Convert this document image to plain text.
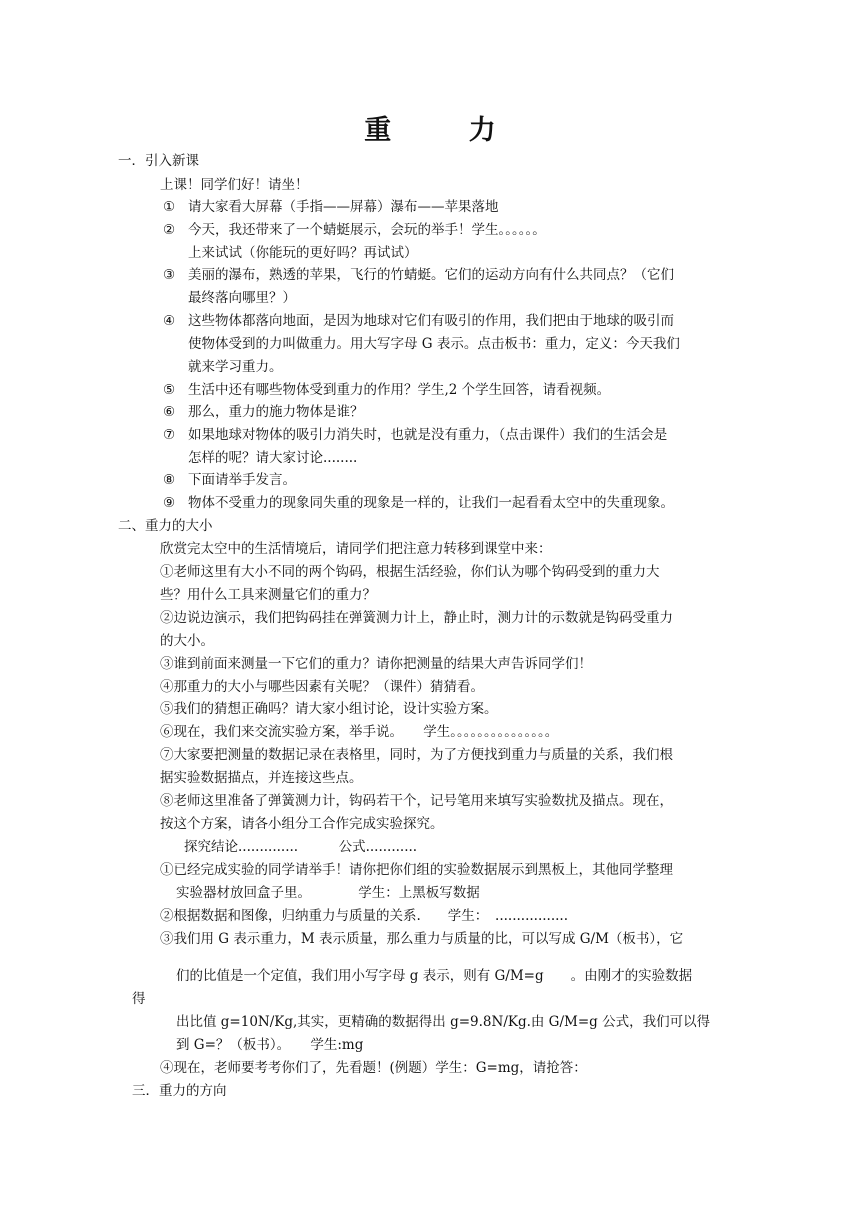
重 力
一．引入新课
上课！同学们好！请坐！
① 请大家看大屏幕（手指——屏幕）瀑布——苹果落地
② 今天，我还带来了一个蜻蜓展示，会玩的举手！学生。。。。。。
上来试试（你能玩的更好吗？再试试）
③ 美丽的瀑布，熟透的苹果，飞行的竹蜻蜓。它们的运动方向有什么共同点？（它们
最终落向哪里？）
④ 这些物体都落向地面，是因为地球对它们有吸引的作用，我们把由于地球的吸引而
使物体受到的力叫做重力。用大写字母 G 表示。点击板书：重力，定义：今天我们
就来学习重力。
⑤ 生活中还有哪些物体受到重力的作用？学生,2 个学生回答，请看视频。
⑥ 那么，重力的施力物体是谁？
⑦ 如果地球对物体的吸引力消失时，也就是没有重力，（点击课件）我们的生活会是
怎样的呢？请大家讨论........
⑧ 下面请举手发言。
⑨ 物体不受重力的现象同失重的现象是一样的，让我们一起看看太空中的失重现象。
二、重力的大小
欣赏完太空中的生活情境后，请同学们把注意力转移到课堂中来：
①老师这里有大小不同的两个钩码，根据生活经验，你们认为哪个钩码受到的重力大
些？用什么工具来测量它们的重力？
②边说边演示，我们把钩码挂在弹簧测力计上，静止时，测力计的示数就是钩码受重力
的大小。
③谁到前面来测量一下它们的重力？请你把测量的结果大声告诉同学们！
④那重力的大小与哪些因素有关呢？（课件）猜猜看。
⑤我们的猜想正确吗？请大家小组讨论，设计实验方案。
⑥现在，我们来交流实验方案，举手说。　　学生。。。。。。。。。。。。。。。
⑦大家要把测量的数据记录在表格里，同时，为了方便找到重力与质量的关系，我们根
据实验数据描点，并连接这些点。
⑧老师这里准备了弹簧测力计，钩码若干个，记号笔用来填写实验数扰及描点。现在，
按这个方案，请各小组分工合作完成实验探究。
探究结论..............　　　公式............
①已经完成实验的同学请举手！请你把你们组的实验数据展示到黑板上，其他同学整理
实验器材放回盒子里。　　　　学生：上黑板写数据
②根据数据和图像，归纳重力与质量的关系.　　学生：　.................
③我们用 G 表示重力，M 表示质量，那么重力与质量的比，可以写成 G/M（板书），它
们的比值是一个定值，我们用小写字母 g 表示，则有 G/M=g　　。由刚才的实验数据
得
出比值 g=10N/Kg,其实，更精确的数据得出 g=9.8N/Kg.由 G/M=g 公式，我们可以得
到 G=？（板书）。　　学生:mg
④现在，老师要考考你们了，先看题！(例题）学生：G=mg，请抢答：
三．重力的方向
